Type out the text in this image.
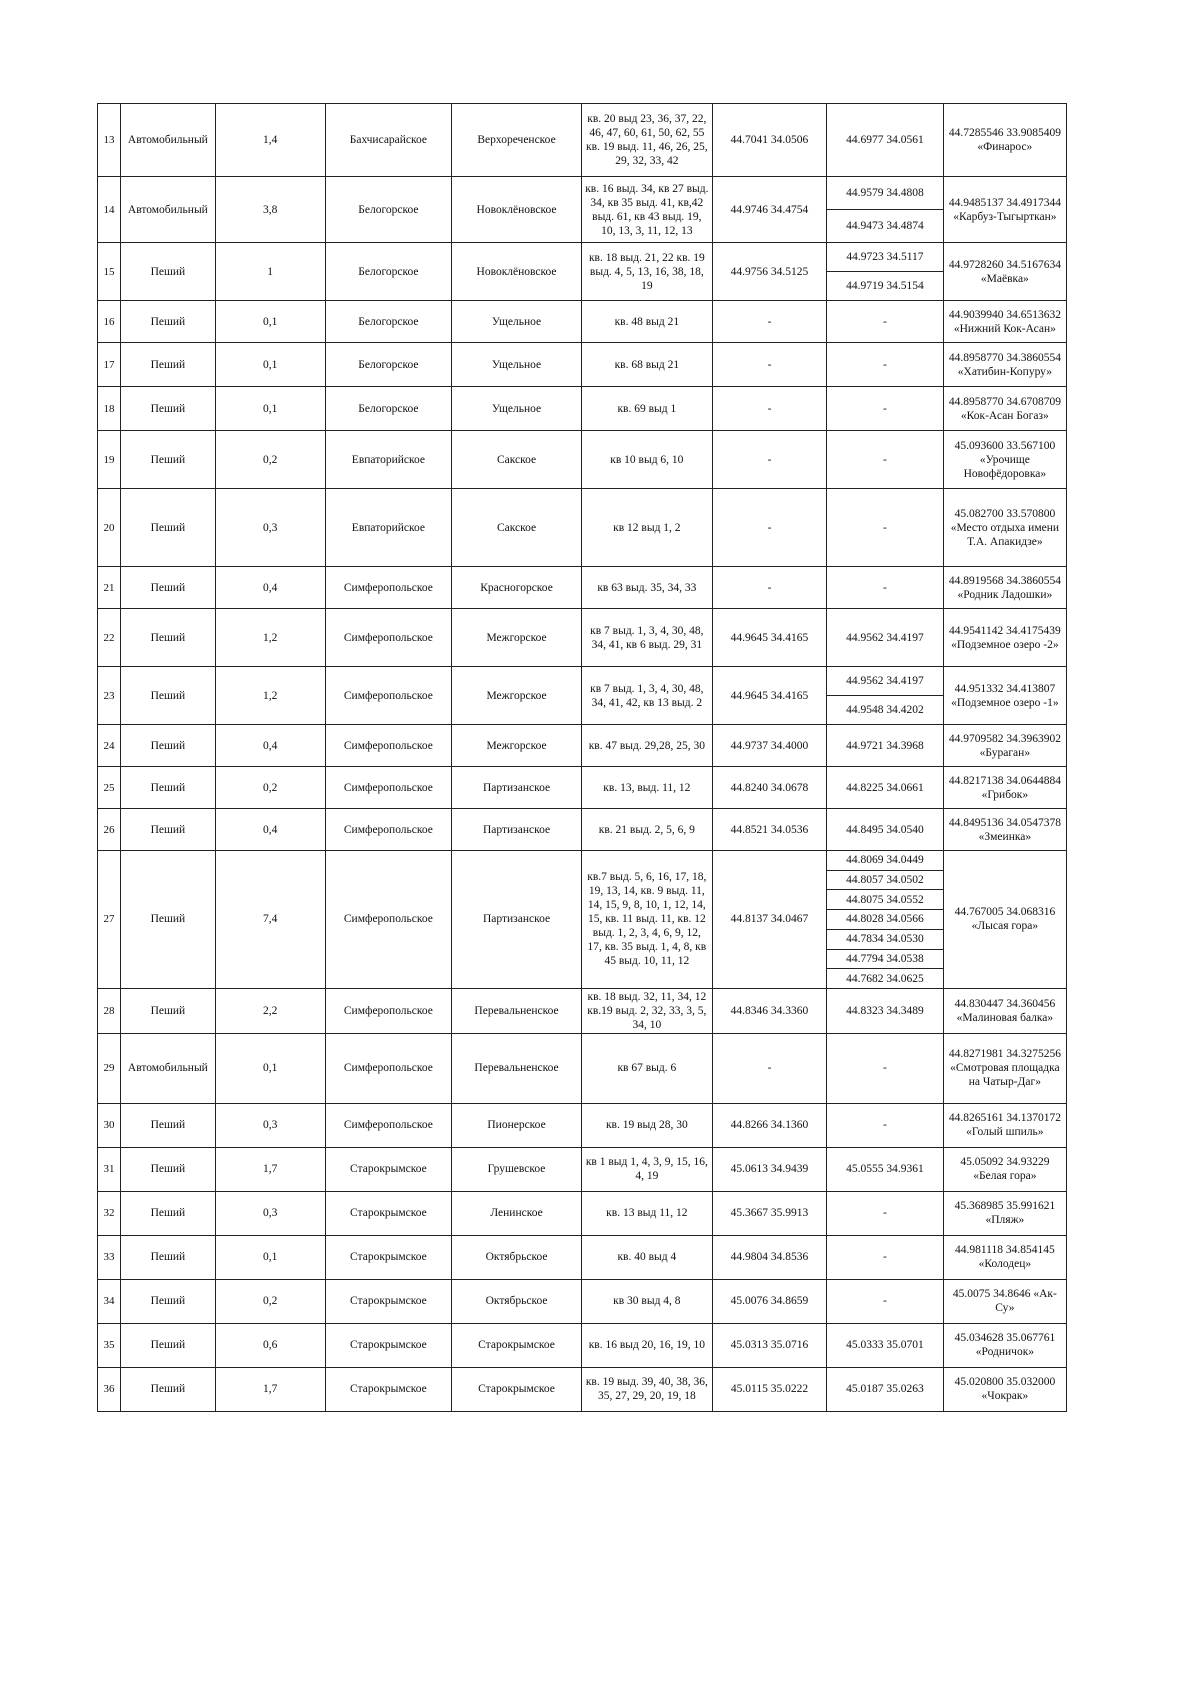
13	Автомобильный	1,4	Бахчисарайское	Верхореченское	кв. 20 выд 23, 36, 37, 22, 46, 47, 60, 61, 50, 62, 55 кв. 19 выд. 11, 46, 26, 25, 29, 32, 33, 42	44.7041 34.0506	44.6977 34.0561	44.7285546 33.9085409 «Финарос»
14	Автомобильный	3,8	Белогорское	Новоклёновское	кв. 16 выд. 34, кв 27 выд. 34, кв 35 выд. 41, кв,42 выд. 61, кв 43 выд. 19, 10, 13, 3, 11, 12, 13	44.9746 34.4754	44.9579 34.4808	44.9485137 34.4917344 «Карбуз-Тыгырткан»
							44.9473 34.4874	
15	Пеший	1	Белогорское	Новоклёновское	кв. 18 выд. 21, 22 кв. 19 выд. 4, 5, 13, 16, 38, 18, 19	44.9756 34.5125	44.9723 34.5117	44.9728260 34.5167634 «Маёвка»
							44.9719 34.5154	
16	Пеший	0,1	Белогорское	Ущельное	кв. 48 выд 21	-	-	44.9039940 34.6513632 «Нижний Кок-Асан»
17	Пеший	0,1	Белогорское	Ущельное	кв. 68 выд 21	-	-	44.8958770 34.3860554 «Хатибин-Копуру»
18	Пеший	0,1	Белогорское	Ущельное	кв. 69 выд 1	-	-	44.8958770 34.6708709 «Кок-Асан Богаз»
19	Пеший	0,2	Евпаторийское	Сакское	кв 10 выд 6, 10	-	-	45.093600 33.567100 «Урочище Новофёдоровка»
20	Пеший	0,3	Евпаторийское	Сакское	кв 12 выд 1, 2	-	-	45.082700 33.570800 «Место отдыха имени Т.А. Апакидзе»
21	Пеший	0,4	Симферопольское	Красногорское	кв 63 выд. 35, 34, 33	-	-	44.8919568 34.3860554 «Родник Ладошки»
22	Пеший	1,2	Симферопольское	Межгорское	кв 7 выд. 1, 3, 4, 30, 48, 34, 41, кв 6 выд. 29, 31	44.9645 34.4165	44.9562 34.4197	44.9541142 34.4175439 «Подземное озеро -2»
23	Пеший	1,2	Симферопольское	Межгорское	кв 7 выд. 1, 3, 4, 30, 48, 34, 41, 42, кв 13 выд. 2	44.9645 34.4165	44.9562 34.4197	44.951332 34.413807 «Подземное озеро -1»
							44.9548 34.4202	
24	Пеший	0,4	Симферопольское	Межгорское	кв. 47 выд. 29,28, 25, 30	44.9737 34.4000	44.9721 34.3968	44.9709582 34.3963902 «Бураган»
25	Пеший	0,2	Симферопольское	Партизанское	кв. 13, выд. 11, 12	44.8240 34.0678	44.8225 34.0661	44.8217138 34.0644884 «Грибок»
26	Пеший	0,4	Симферопольское	Партизанское	кв. 21 выд. 2, 5, 6, 9	44.8521 34.0536	44.8495 34.0540	44.8495136 34.0547378 «Змеинка»
27	Пеший	7,4	Симферопольское	Партизанское	кв.7 выд. 5, 6, 16, 17, 18, 19, 13, 14, кв. 9 выд. 11, 14, 15, 9, 8, 10, 1, 12, 14, 15, кв. 11 выд. 11, кв. 12 выд. 1, 2, 3, 4, 6, 9, 12, 17, кв. 35 выд. 1, 4, 8, кв 45 выд. 10, 11, 12	44.8137 34.0467	44.8069 34.0449	44.767005 34.068316 «Лысая гора»
							44.8057 34.0502	
							44.8075 34.0552	
							44.8028 34.0566	
							44.7834 34.0530	
							44.7794 34.0538	
							44.7682 34.0625	
28	Пеший	2,2	Симферопольское	Перевальненское	кв. 18 выд. 32, 11, 34, 12 кв.19 выд. 2, 32, 33, 3, 5, 34, 10	44.8346 34.3360	44.8323 34.3489	44.830447 34.360456 «Малиновая балка»
29	Автомобильный	0,1	Симферопольское	Перевальненское	кв 67 выд. 6	-	-	44.8271981 34.3275256 «Смотровая площадка на Чатыр-Даг»
30	Пеший	0,3	Симферопольское	Пионерское	кв. 19 выд 28, 30	44.8266 34.1360	-	44.8265161 34.1370172 «Голый шпиль»
31	Пеший	1,7	Старокрымское	Грушевское	кв 1 выд 1, 4, 3, 9, 15, 16, 4, 19	45.0613 34.9439	45.0555 34.9361	45.05092 34.93229 «Белая гора»
32	Пеший	0,3	Старокрымское	Ленинское	кв. 13 выд 11, 12	45.3667 35.9913	-	45.368985 35.991621 «Пляж»
33	Пеший	0,1	Старокрымское	Октябрьское	кв. 40 выд 4	44.9804 34.8536	-	44.981118 34.854145 «Колодец»
34	Пеший	0,2	Старокрымское	Октябрьское	кв 30 выд 4, 8	45.0076 34.8659	-	45.0075 34.8646 «Ак-Су»
35	Пеший	0,6	Старокрымское	Старокрымское	кв. 16 выд 20, 16, 19, 10	45.0313 35.0716	45.0333 35.0701	45.034628 35.067761 «Родничок»
36	Пеший	1,7	Старокрымское	Старокрымское	кв. 19 выд. 39, 40, 38, 36, 35, 27, 29, 20, 19, 18	45.0115 35.0222	45.0187 35.0263	45.020800 35.032000 «Чокрак»
